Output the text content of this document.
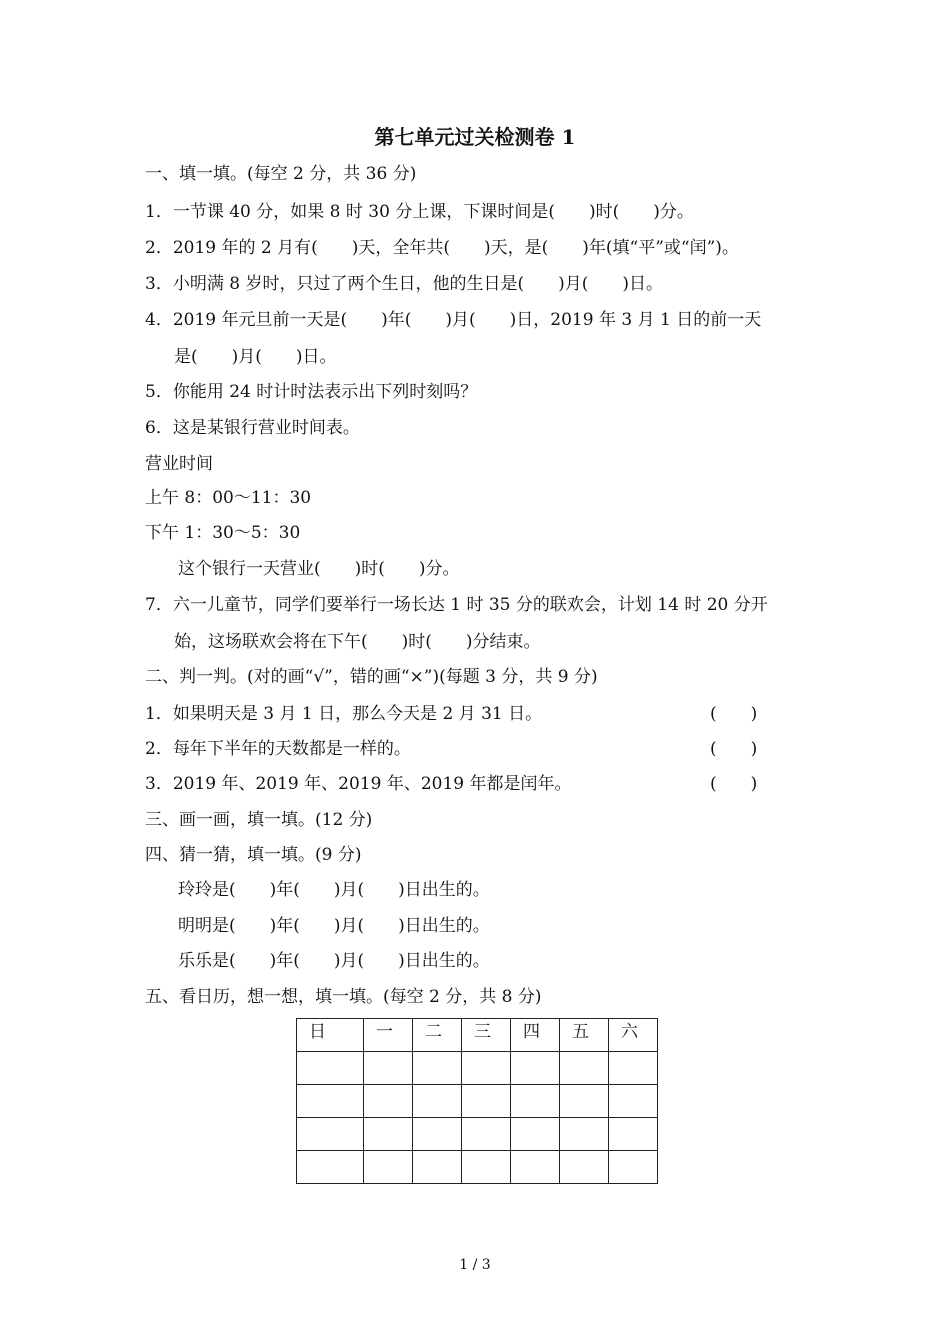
第七单元过关检测卷 1
一、填一填。(每空 2 分，共 36 分)
1．一节课 40 分，如果 8 时 30 分上课，下课时间是(　　)时(　　)分。
2．2019 年的 2 月有(　　)天，全年共(　　)天，是(　　)年(填“平”或“闰”)。
3．小明满 8 岁时，只过了两个生日，他的生日是(　　)月(　　)日。
4．2019 年元旦前一天是(　　)年(　　)月(　　)日，2019 年 3 月 1 日的前一天
是(　　)月(　　)日。
5．你能用 24 时计时法表示出下列时刻吗？
6．这是某银行营业时间表。
营业时间
上午 8：00～11：30
下午 1：30～5：30
这个银行一天营业(　　)时(　　)分。
7．六一儿童节，同学们要举行一场长达 1 时 35 分的联欢会，计划 14 时 20 分开
始，这场联欢会将在下午(　　)时(　　)分结束。
二、判一判。(对的画“√”，错的画“×”)(每题 3 分，共 9 分)
1．如果明天是 3 月 1 日，那么今天是 2 月 31 日。	(　　)
2．每年下半年的天数都是一样的。	(　　)
3．2019 年、2019 年、2019 年、2019 年都是闰年。	(　　)
三、画一画，填一填。(12 分)
四、猜一猜，填一填。(9 分)
玲玲是(　　)年(　　)月(　　)日出生的。
明明是(　　)年(　　)月(　　)日出生的。
乐乐是(　　)年(　　)月(　　)日出生的。
五、看日历，想一想，填一填。(每空 2 分，共 8 分)
日	一	二	三	四	五	六

1 / 3
